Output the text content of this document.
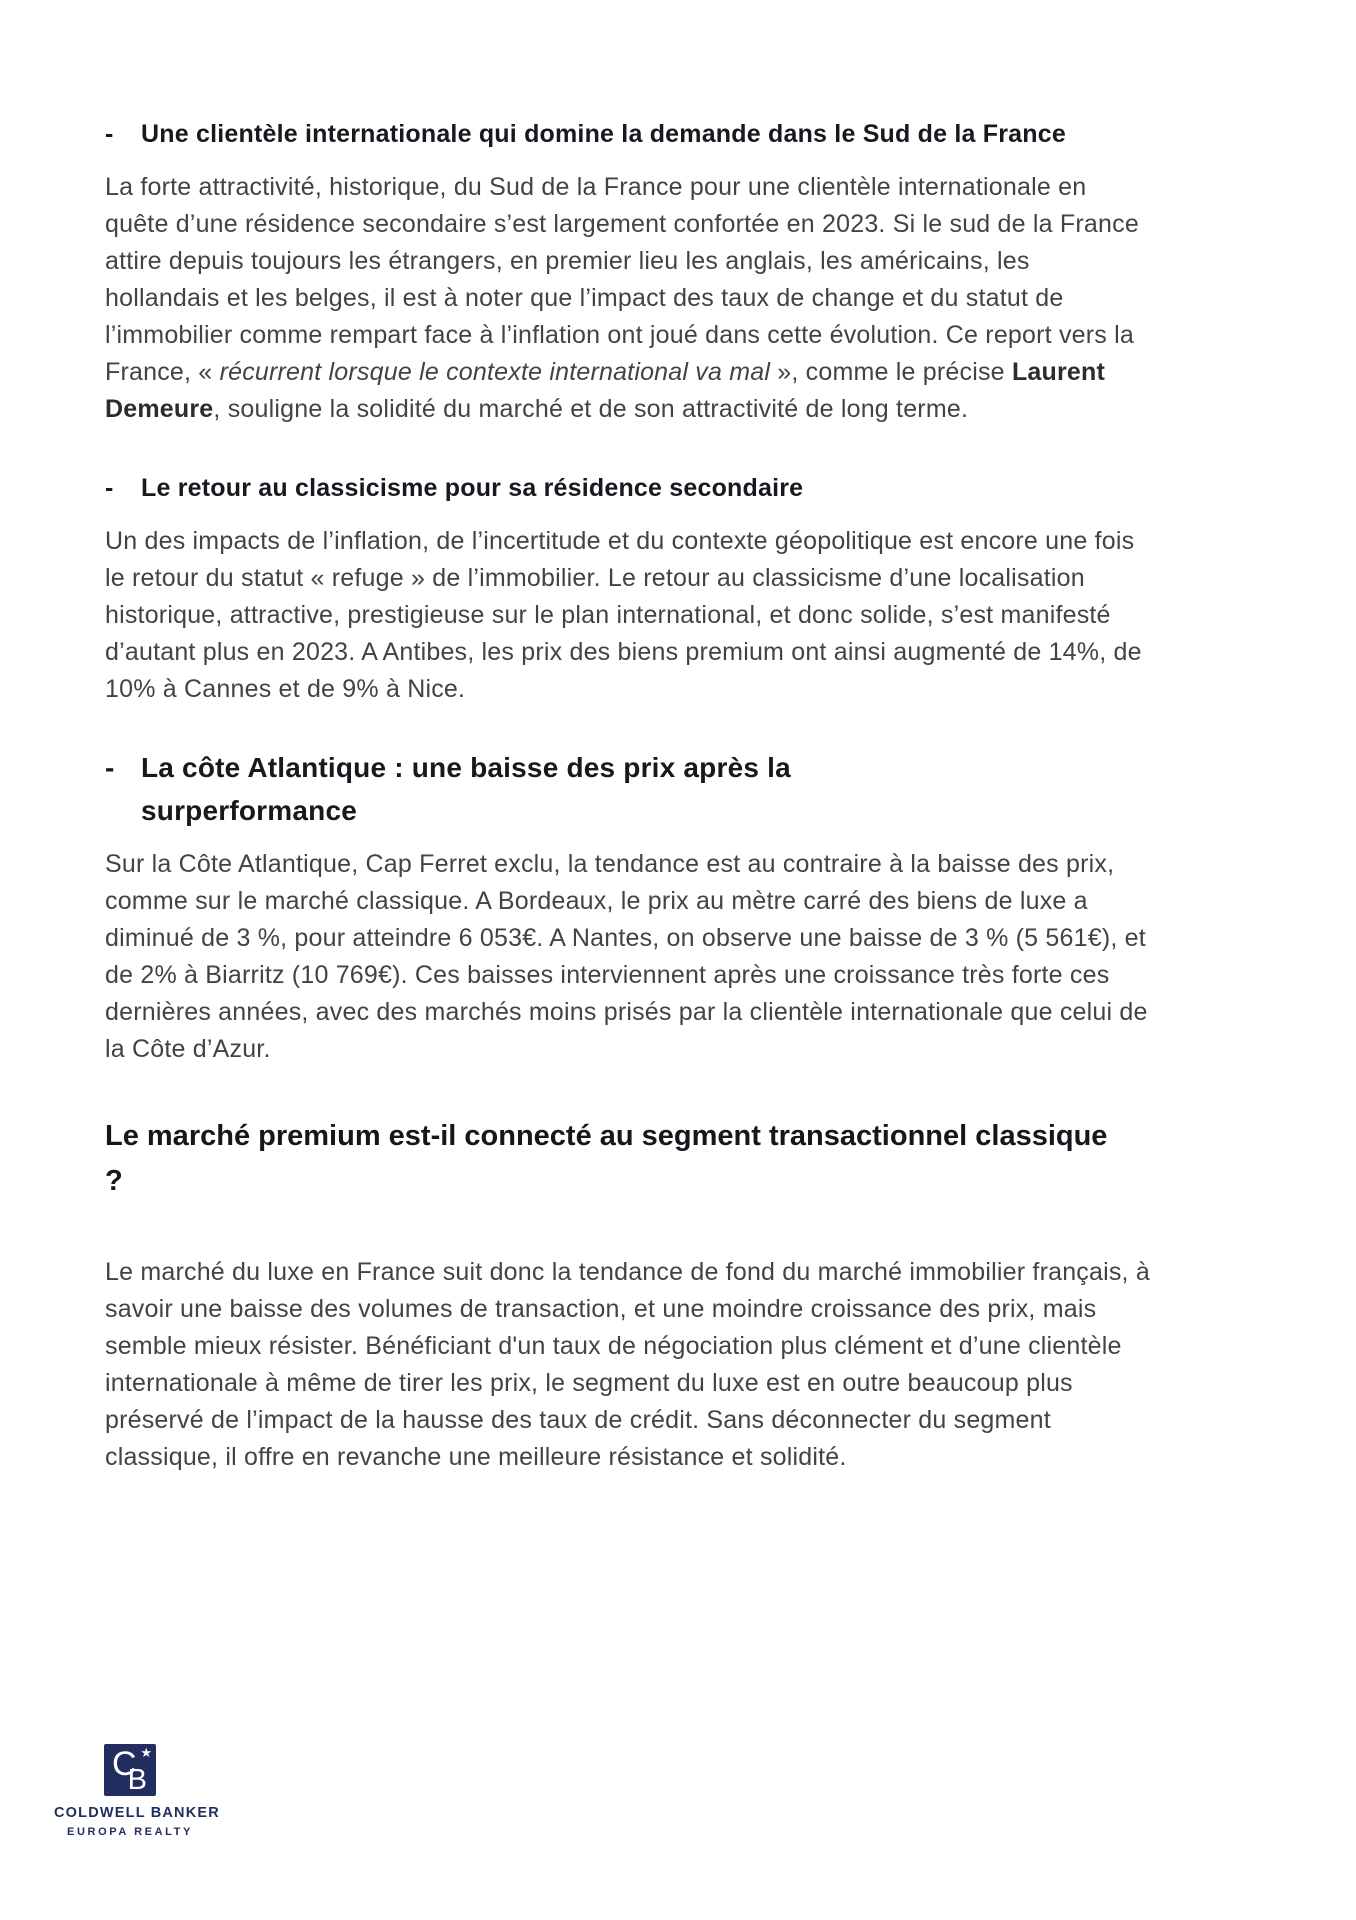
-	Une clientèle internationale qui domine la demande dans le Sud de la France

La forte attractivité, historique, du Sud de la France pour une clientèle internationale en quête d’une résidence secondaire s’est largement confortée en 2023. Si le sud de la France attire depuis toujours les étrangers, en premier lieu les anglais, les américains, les hollandais et les belges, il est à noter que l’impact des taux de change et du statut de l’immobilier comme rempart face à l’inflation ont joué dans cette évolution. Ce report vers la France, « récurrent lorsque le contexte international va mal », comme le précise Laurent Demeure, souligne la solidité du marché et de son attractivité de long terme.

-	Le retour au classicisme pour sa résidence secondaire

Un des impacts de l’inflation, de l’incertitude et du contexte géopolitique est encore une fois le retour du statut « refuge » de l’immobilier. Le retour au classicisme d’une localisation historique, attractive, prestigieuse sur le plan international, et donc solide, s’est manifesté d’autant plus en 2023. A Antibes, les prix des biens premium ont ainsi augmenté de 14%, de 10% à Cannes et de 9% à Nice.

- La côte Atlantique : une baisse des prix après la surperformance

Sur la Côte Atlantique, Cap Ferret exclu, la tendance est au contraire à la baisse des prix, comme sur le marché classique. A Bordeaux, le prix au mètre carré des biens de luxe a diminué de 3 %, pour atteindre 6 053€. A Nantes, on observe une baisse de 3 % (5 561€), et de 2% à Biarritz (10 769€). Ces baisses interviennent après une croissance très forte ces dernières années, avec des marchés moins prisés par la clientèle internationale que celui de la Côte d’Azur.

Le marché premium est-il connecté au segment transactionnel classique ?

Le marché du luxe en France suit donc la tendance de fond du marché immobilier français, à savoir une baisse des volumes de transaction, et une moindre croissance des prix, mais semble mieux résister. Bénéficiant d'un taux de négociation plus clément et d’une clientèle internationale à même de tirer les prix, le segment du luxe est en outre beaucoup plus préservé de l’impact de la hausse des taux de crédit. Sans déconnecter du segment classique, il offre en revanche une meilleure résistance et solidité.

C ★
B
COLDWELL BANKER
EUROPA REALTY
